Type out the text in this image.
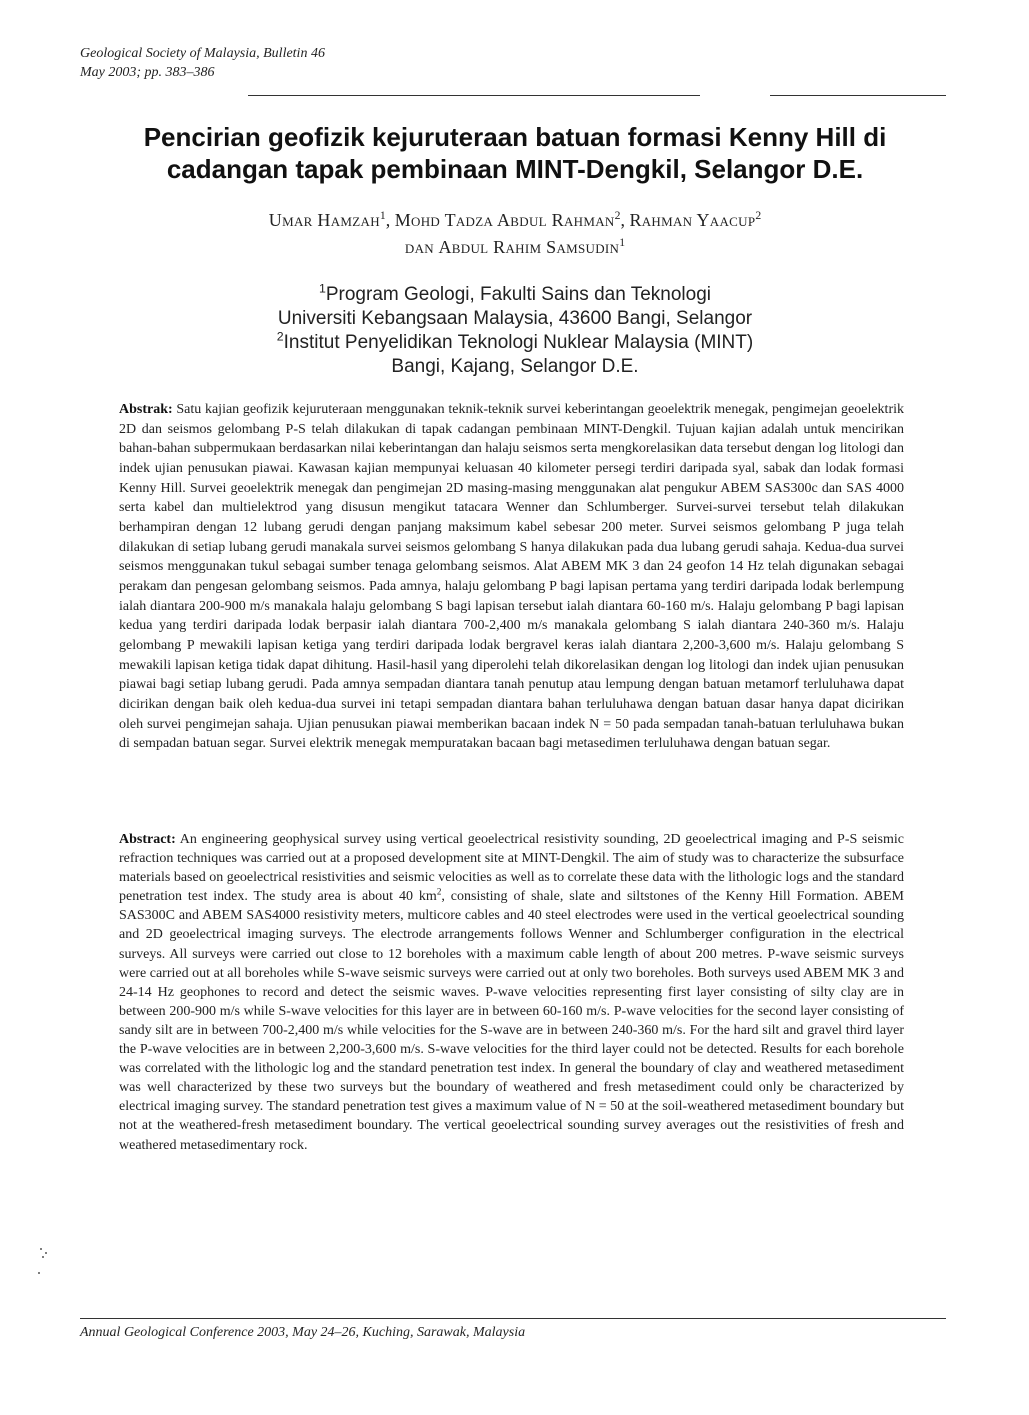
Geological Society of Malaysia, Bulletin 46
May 2003; pp. 383–386
Pencirian geofizik kejuruteraan batuan formasi Kenny Hill di
cadangan tapak pembinaan MINT-Dengkil, Selangor D.E.
Umar Hamzah$^1$, Mohd Tadza Abdul Rahman$^2$, Rahman Yaacup$^2$
dan Abdul Rahim Samsudin$^1$
$^1$Program Geologi, Fakulti Sains dan Teknologi
Universiti Kebangsaan Malaysia, 43600 Bangi, Selangor
$^2$Institut Penyelidikan Teknologi Nuklear Malaysia (MINT)
Bangi, Kajang, Selangor D.E.

Abstrak: Satu kajian geofizik kejuruteraan menggunakan teknik-teknik survei keberintangan geoelektrik menegak, pengimejan geoelektrik 2D dan seismos gelombang P-S telah dilakukan di tapak cadangan pembinaan MINT-Dengkil. Tujuan kajian adalah untuk mencirikan bahan-bahan subpermukaan berdasarkan nilai keberintangan dan halaju seismos serta mengkorelasikan data tersebut dengan log litologi dan indek ujian penusukan piawai. Kawasan kajian mempunyai keluasan 40 kilometer persegi terdiri daripada syal, sabak dan lodak formasi Kenny Hill. Survei geoelektrik menegak dan pengimejan 2D masing-masing menggunakan alat pengukur ABEM SAS300c dan SAS 4000 serta kabel dan multielektrod yang disusun mengikut tatacara Wenner dan Schlumberger. Survei-survei tersebut telah dilakukan berhampiran dengan 12 lubang gerudi dengan panjang maksimum kabel sebesar 200 meter. Survei seismos gelombang P juga telah dilakukan di setiap lubang gerudi manakala survei seismos gelombang S hanya dilakukan pada dua lubang gerudi sahaja. Kedua-dua survei seismos menggunakan tukul sebagai sumber tenaga gelombang seismos. Alat ABEM MK 3 dan 24 geofon 14 Hz telah digunakan sebagai perakam dan pengesan gelombang seismos. Pada amnya, halaju gelombang P bagi lapisan pertama yang terdiri daripada lodak berlempung ialah diantara 200-900 m/s manakala halaju gelombang S bagi lapisan tersebut ialah diantara 60-160 m/s. Halaju gelombang P bagi lapisan kedua yang terdiri daripada lodak berpasir ialah diantara 700-2,400 m/s manakala gelombang S ialah diantara 240-360 m/s. Halaju gelombang P mewakili lapisan ketiga yang terdiri daripada lodak bergravel keras ialah diantara 2,200-3,600 m/s. Halaju gelombang S mewakili lapisan ketiga tidak dapat dihitung. Hasil-hasil yang diperolehi telah dikorelasikan dengan log litologi dan indek ujian penusukan piawai bagi setiap lubang gerudi. Pada amnya sempadan diantara tanah penutup atau lempung dengan batuan metamorf terluluhawa dapat dicirikan dengan baik oleh kedua-dua survei ini tetapi sempadan diantara bahan terluluhawa dengan batuan dasar hanya dapat dicirikan oleh survei pengimejan sahaja. Ujian penusukan piawai memberikan bacaan indek N = 50 pada sempadan tanah-batuan terluluhawa bukan di sempadan batuan segar. Survei elektrik menegak mempuratakan bacaan bagi metasedimen terluluhawa dengan batuan segar.

Abstract: An engineering geophysical survey using vertical geoelectrical resistivity sounding, 2D geoelectrical imaging and P-S seismic refraction techniques was carried out at a proposed development site at MINT-Dengkil. The aim of study was to characterize the subsurface materials based on geoelectrical resistivities and seismic velocities as well as to correlate these data with the lithologic logs and the standard penetration test index. The study area is about 40 $km^2$, consisting of shale, slate and siltstones of the Kenny Hill Formation. ABEM SAS300C and ABEM SAS4000 resistivity meters, multicore cables and 40 steel electrodes were used in the vertical geoelectrical sounding and 2D geoelectrical imaging surveys. The electrode arrangements follows Wenner and Schlumberger configuration in the electrical surveys. All surveys were carried out close to 12 boreholes with a maximum cable length of about 200 metres. P-wave seismic surveys were carried out at all boreholes while S-wave seismic surveys were carried out at only two boreholes. Both surveys used ABEM MK 3 and 24-14 Hz geophones to record and detect the seismic waves. P-wave velocities representing first layer consisting of silty clay are in between 200-900 m/s while S-wave velocities for this layer are in between 60-160 m/s. P-wave velocities for the second layer consisting of sandy silt are in between 700-2,400 m/s while velocities for the S-wave are in between 240-360 m/s. For the hard silt and gravel third layer the P-wave velocities are in between 2,200-3,600 m/s. S-wave velocities for the third layer could not be detected. Results for each borehole was correlated with the lithologic log and the standard penetration test index. In general the boundary of clay and weathered metasediment was well characterized by these two surveys but the boundary of weathered and fresh metasediment could only be characterized by electrical imaging survey. The standard penetration test gives a maximum value of N = 50 at the soil-weathered metasediment boundary but not at the weathered-fresh metasediment boundary. The vertical geoelectrical sounding survey averages out the resistivities of fresh and weathered metasedimentary rock.

Annual Geological Conference 2003, May 24–26, Kuching, Sarawak, Malaysia
